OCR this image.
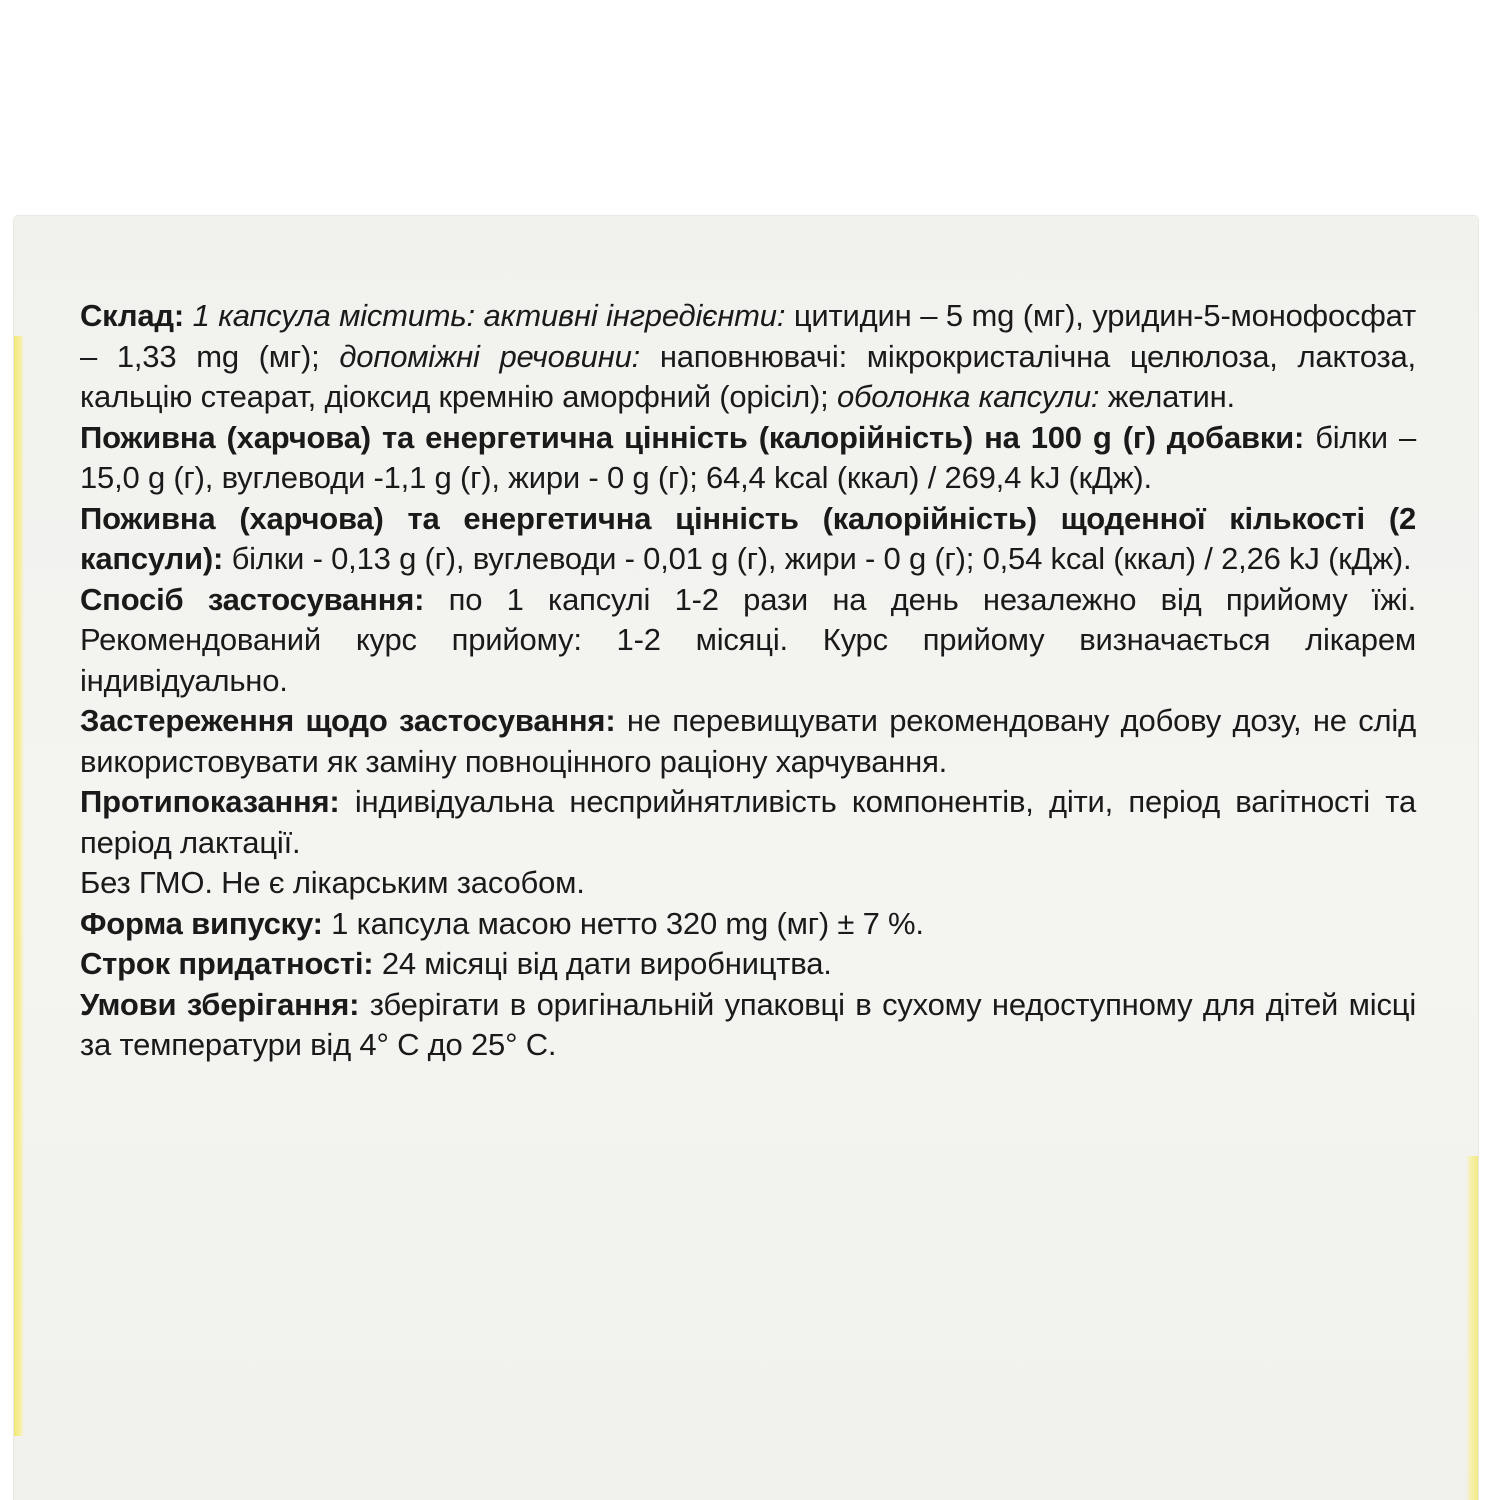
Склад: 1 капсула містить: активні інгредієнти: цитидин – 5 mg (мг), уридин-5-монофосфат – 1,33 mg (мг); допоміжні речовини: наповнювачі: мікрокристалічна целюлоза, лактоза, кальцію стеарат, діоксид кремнію аморфний (орісіл); оболонка капсули: желатин.

Поживна (харчова) та енергетична цінність (калорійність) на 100 g (г) добавки: білки – 15,0 g (г), вуглеводи -1,1 g (г), жири - 0 g (г); 64,4 kcal (ккал) / 269,4 kJ (кДж).

Поживна (харчова) та енергетична цінність (калорійність) щоденної кількості (2 капсули): білки - 0,13 g (г), вуглеводи - 0,01 g (г), жири - 0 g (г); 0,54 kcal (ккал) / 2,26 kJ (кДж).

Спосіб застосування: по 1 капсулі 1-2 рази на день незалежно від прийому їжі. Рекомендований курс прийому: 1-2 місяці. Курс прийому визначається лікарем індивідуально.

Застереження щодо застосування: не перевищувати рекомендовану добову дозу, не слід використовувати як заміну повноцінного раціону харчування.

Протипоказання: індивідуальна несприйнятливість компонентів, діти, період вагітності та період лактації.

Без ГМО. Не є лікарським засобом.

Форма випуску: 1 капсула масою нетто 320 mg (мг) ± 7 %.

Строк придатності: 24 місяці від дати виробництва.

Умови зберігання: зберігати в оригінальній упаковці в сухому недоступному для дітей місці за температури від 4° С до 25° С.
